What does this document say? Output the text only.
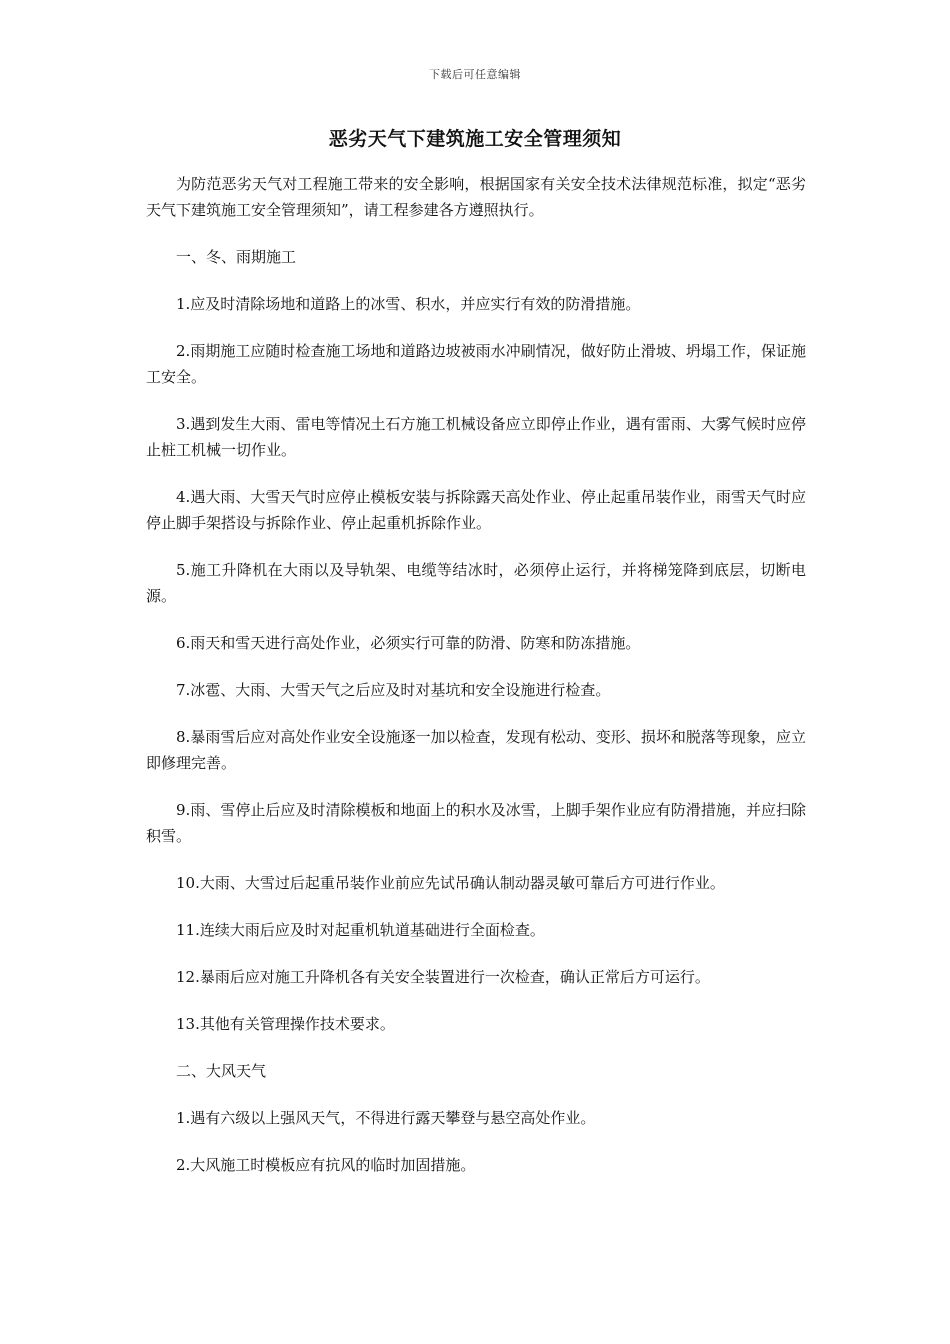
下载后可任意编辑
恶劣天气下建筑施工安全管理须知

为防范恶劣天气对工程施工带来的安全影响，根据国家有关安全技术法律规范标准，拟定“恶劣天气下建筑施工安全管理须知”，请工程参建各方遵照执行。

一、冬、雨期施工

1.应及时清除场地和道路上的冰雪、积水，并应实行有效的防滑措施。

2.雨期施工应随时检查施工场地和道路边坡被雨水冲刷情况，做好防止滑坡、坍塌工作，保证施工安全。

3.遇到发生大雨、雷电等情况土石方施工机械设备应立即停止作业，遇有雷雨、大雾气候时应停止桩工机械一切作业。

4.遇大雨、大雪天气时应停止模板安装与拆除露天高处作业、停止起重吊装作业，雨雪天气时应停止脚手架搭设与拆除作业、停止起重机拆除作业。

5.施工升降机在大雨以及导轨架、电缆等结冰时，必须停止运行，并将梯笼降到底层，切断电源。

6.雨天和雪天进行高处作业，必须实行可靠的防滑、防寒和防冻措施。

7.冰雹、大雨、大雪天气之后应及时对基坑和安全设施进行检查。

8.暴雨雪后应对高处作业安全设施逐一加以检查，发现有松动、变形、损坏和脱落等现象，应立即修理完善。

9.雨、雪停止后应及时清除模板和地面上的积水及冰雪，上脚手架作业应有防滑措施，并应扫除积雪。

10.大雨、大雪过后起重吊装作业前应先试吊确认制动器灵敏可靠后方可进行作业。

11.连续大雨后应及时对起重机轨道基础进行全面检查。

12.暴雨后应对施工升降机各有关安全装置进行一次检查，确认正常后方可运行。

13.其他有关管理操作技术要求。

二、大风天气

1.遇有六级以上强风天气，不得进行露天攀登与悬空高处作业。

2.大风施工时模板应有抗风的临时加固措施。
